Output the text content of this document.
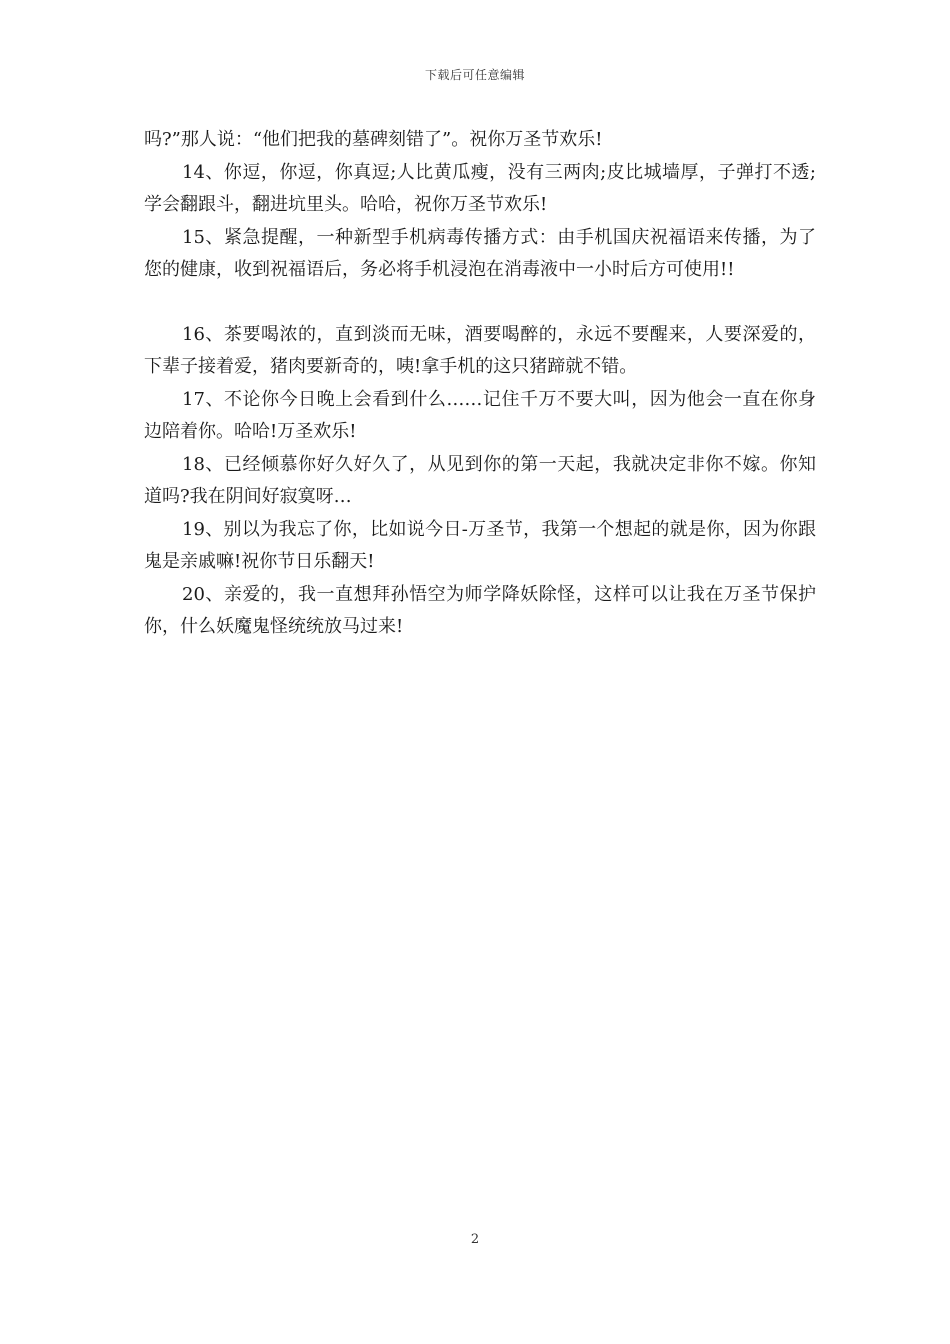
下载后可任意编辑

吗?”那人说：“他们把我的墓碑刻错了”。祝你万圣节欢乐!

14、你逗，你逗，你真逗;人比黄瓜瘦，没有三两肉;皮比城墙厚，子弹打不透;学会翻跟斗，翻进坑里头。哈哈，祝你万圣节欢乐!

15、紧急提醒，一种新型手机病毒传播方式：由手机国庆祝福语来传播，为了您的健康，收到祝福语后，务必将手机浸泡在消毒液中一小时后方可使用!!

16、茶要喝浓的，直到淡而无味，酒要喝醉的，永远不要醒来，人要深爱的，下辈子接着爱，猪肉要新奇的，咦!拿手机的这只猪蹄就不错。

17、不论你今日晚上会看到什么……记住千万不要大叫，因为他会一直在你身边陪着你。哈哈!万圣欢乐!

18、已经倾慕你好久好久了，从见到你的第一天起，我就决定非你不嫁。你知道吗?我在阴间好寂寞呀…

19、别以为我忘了你，比如说今日-万圣节，我第一个想起的就是你，因为你跟鬼是亲戚嘛!祝你节日乐翻天!

20、亲爱的，我一直想拜孙悟空为师学降妖除怪，这样可以让我在万圣节保护你，什么妖魔鬼怪统统放马过来!

2
